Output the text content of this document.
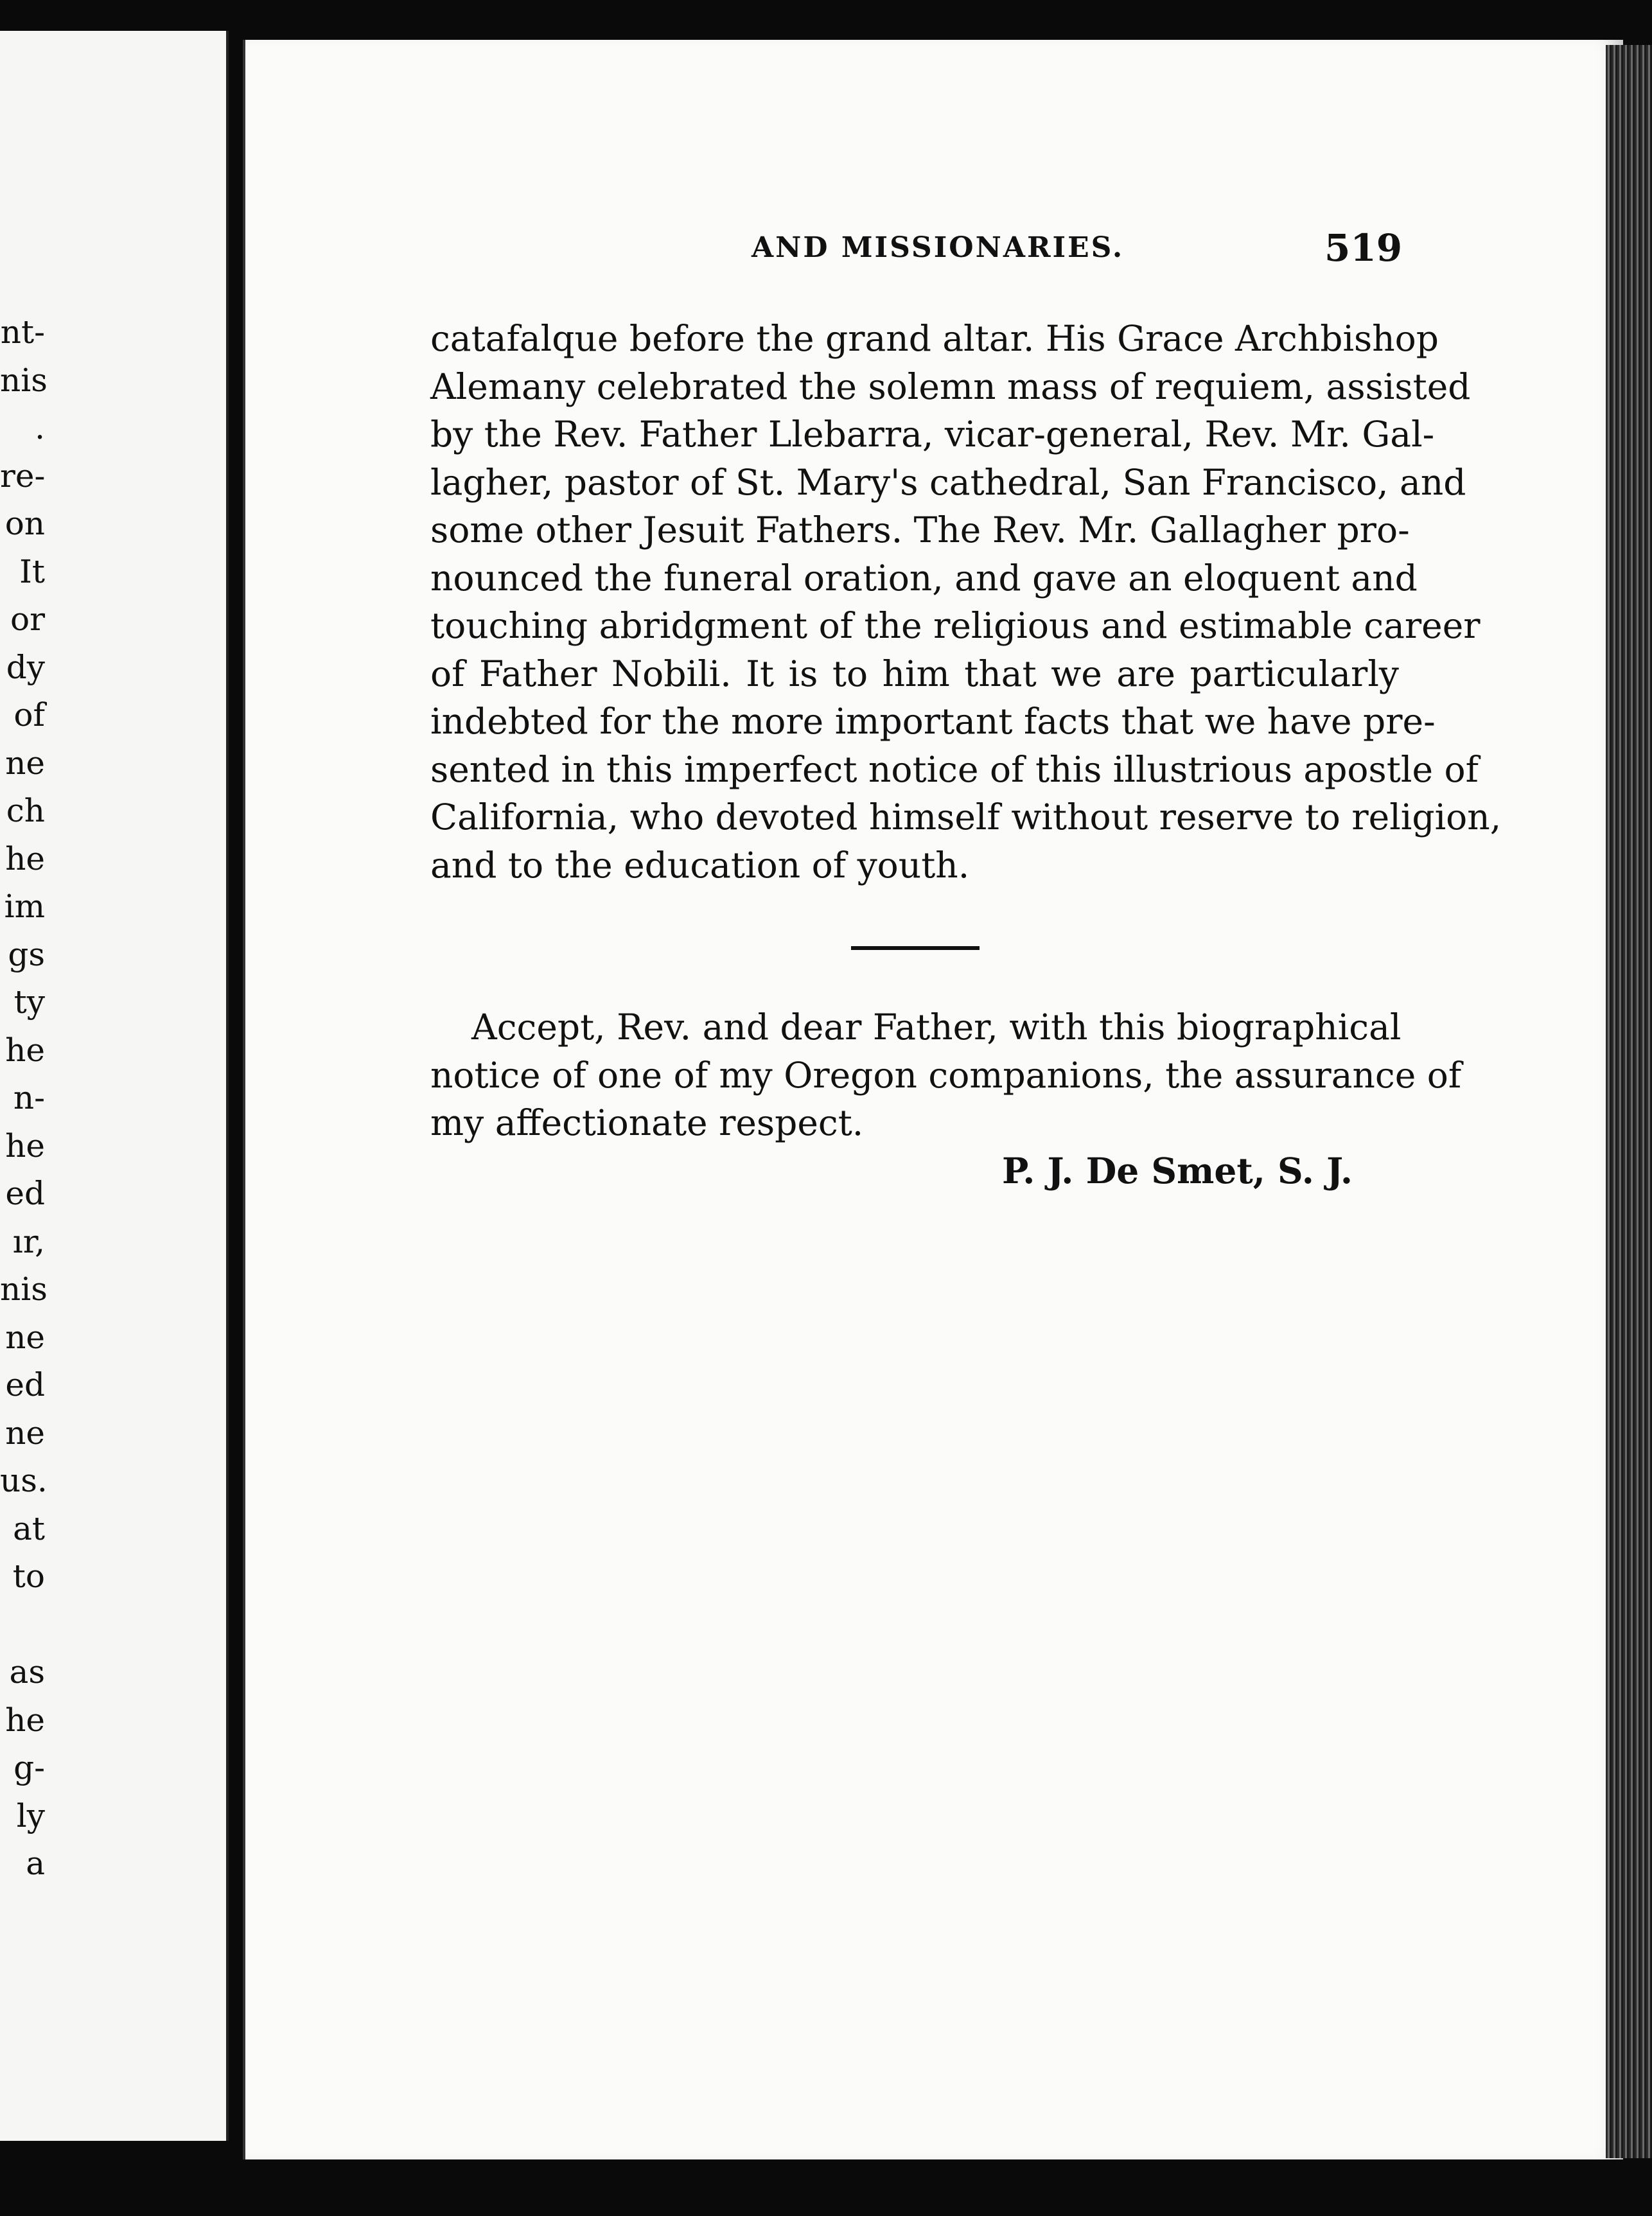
nt-
nis
.
re-
on
It
or
dy
of
ne
ch
he
im
gs
ty
he
n-
he
ed
ır,
nis
ne
ed
ne
us.
at
to
as
he
g-
ly
a
AND MISSIONARIES.	519
catafalque before the grand altar. His Grace Archbishop
Alemany celebrated the solemn mass of requiem, assisted
by the Rev. Father Llebarra, vicar-general, Rev. Mr. Gal-
lagher, pastor of St. Mary's cathedral, San Francisco, and
some other Jesuit Fathers. The Rev. Mr. Gallagher pro-
nounced the funeral oration, and gave an eloquent and
touching abridgment of the religious and estimable career
of Father Nobili. It is to him that we are particularly
indebted for the more important facts that we have pre-
sented in this imperfect notice of this illustrious apostle of
California, who devoted himself without reserve to religion,
and to the education of youth.
Accept, Rev. and dear Father, with this biographical
notice of one of my Oregon companions, the assurance of
my affectionate respect.
P. J. De Smet, S. J.
